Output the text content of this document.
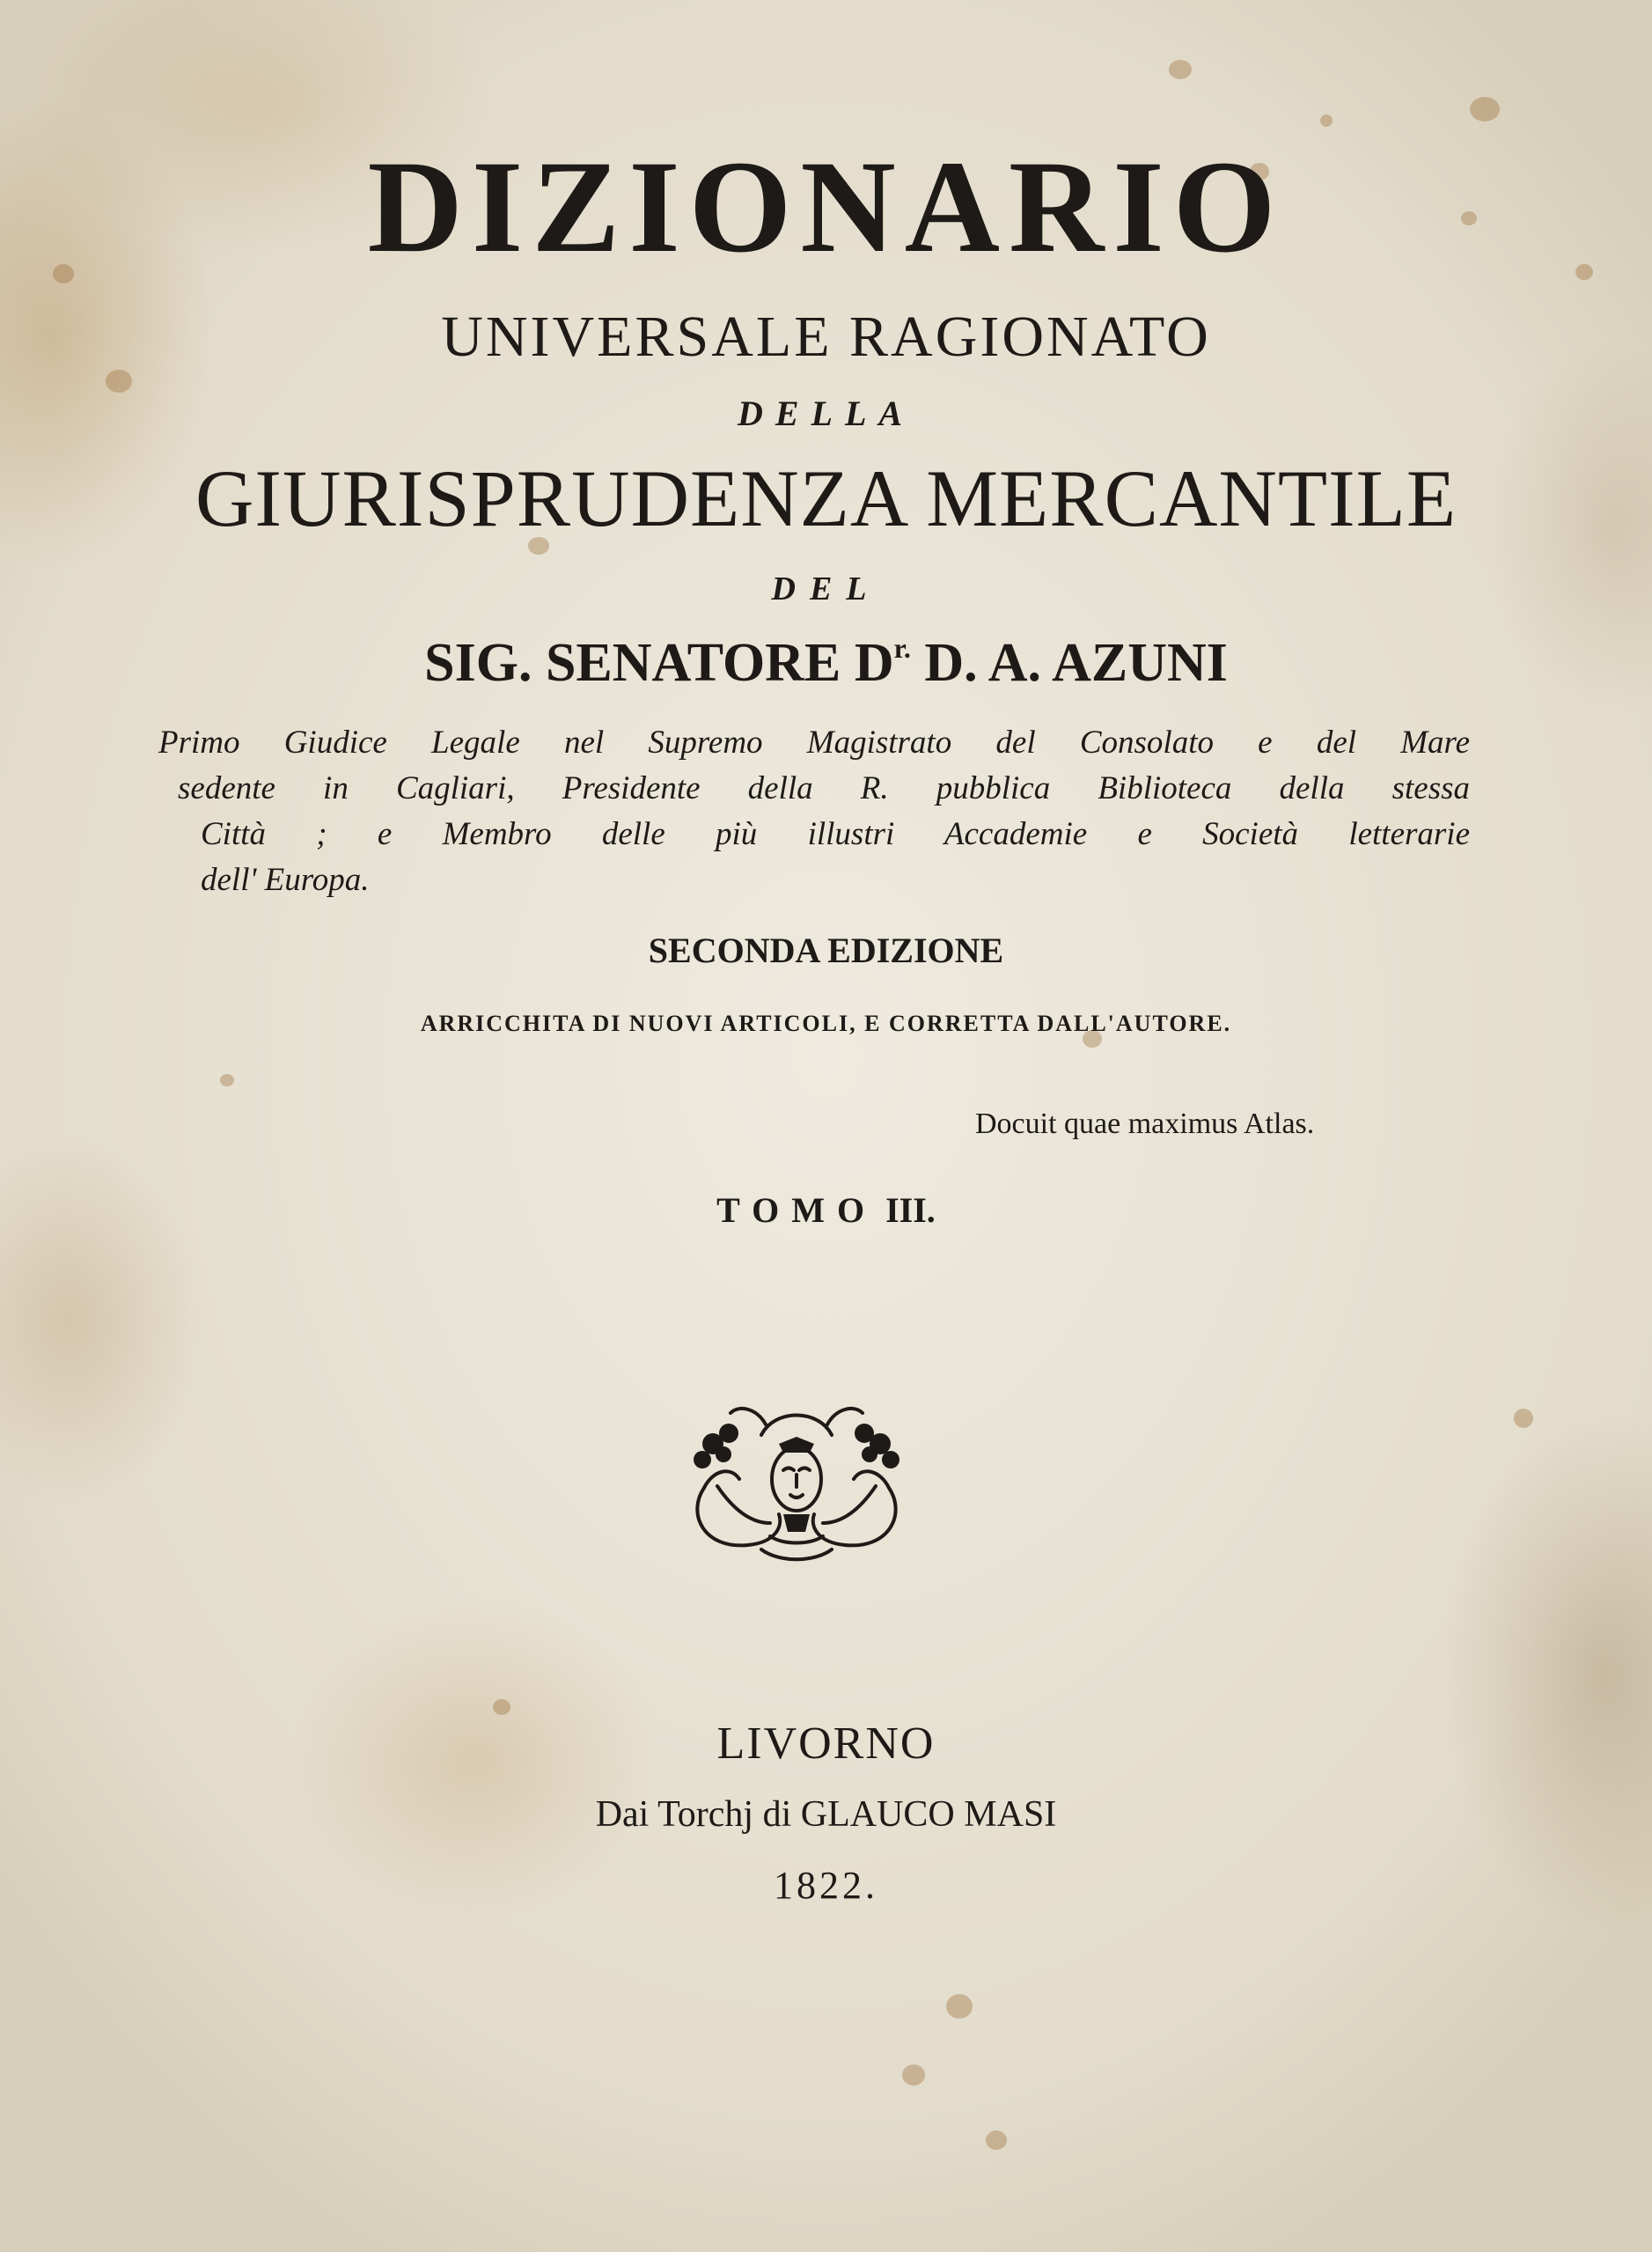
DIZIONARIO
UNIVERSALE RAGIONATO
DELLA
GIURISPRUDENZA MERCANTILE
DEL
SIG. SENATORE $D^{r.}$ D. A. AZUNI

Primo Giudice Legale nel Supremo Magistrato del Consolato e del Mare
sedente in Cagliari, Presidente della R. pubblica Biblioteca della stessa
Città ; e Membro delle più illustri Accademie e Società letterarie
dell' Europa.

SECONDA EDIZIONE
ARRICCHITA DI NUOVI ARTICOLI, E CORRETTA DALL'AUTORE.
Docuit quae maximus Atlas.
TOMO III.
LIVORNO
Dai Torchj di GLAUCO MASI
1822.
